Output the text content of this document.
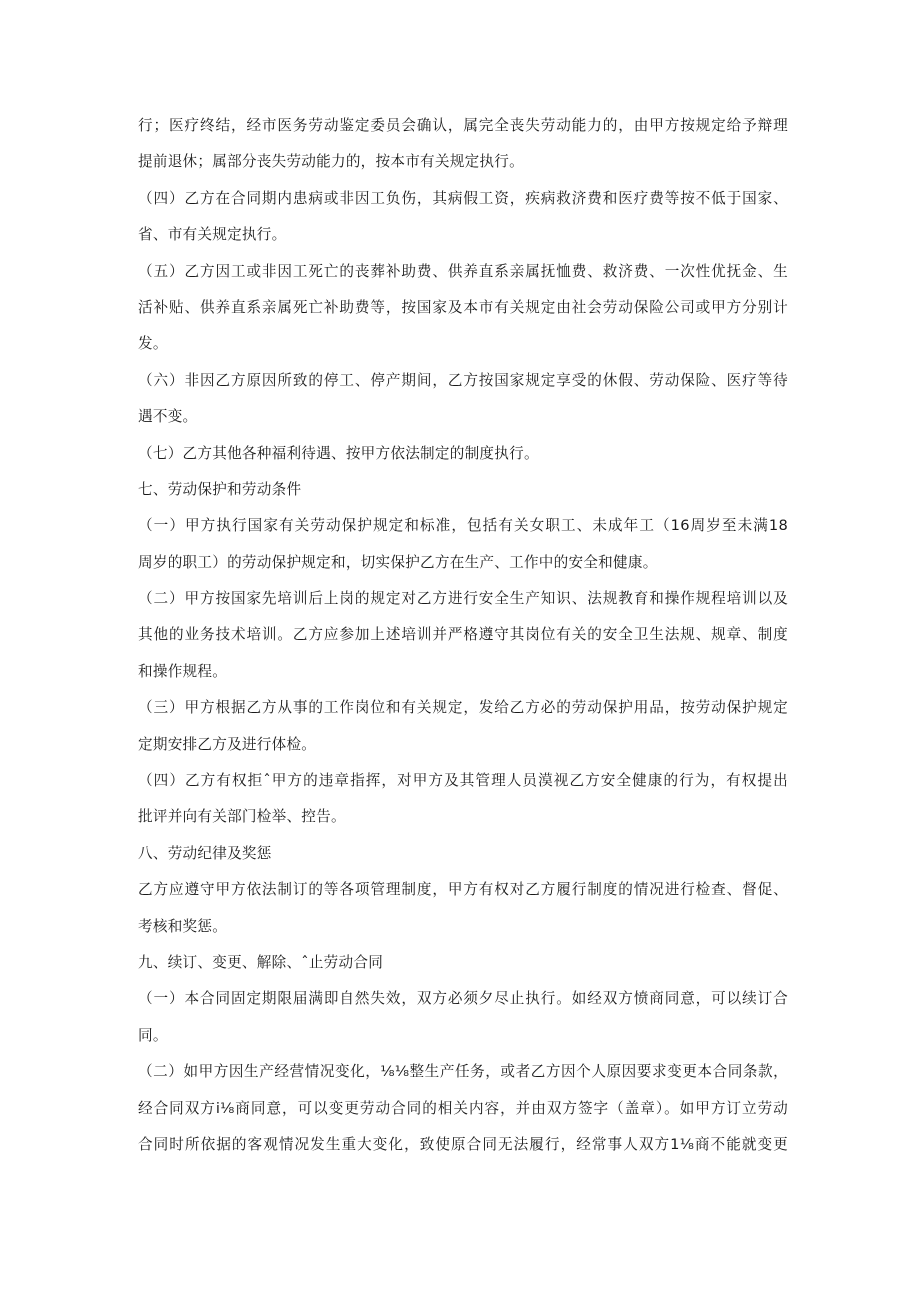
行；医疗终结，经市医务劳动鉴定委员会确认，属完全丧失劳动能力的，由甲方按规定给予辩理
提前退休；属部分丧失劳动能力的，按本市有关规定执行。
（四）乙方在合同期内患病或非因工负伤，其病假工资，疾病救济费和医疗费等按不低于国家、
省、市有关规定执行。
（五）乙方因工或非因工死亡的丧葬补助费、供养直系亲属抚恤费、救济费、一次性优抚金、生
活补贴、供养直系亲属死亡补助费等，按国家及本市有关规定由社会劳动保险公司或甲方分别计
发。
（六）非因乙方原因所致的停工、停产期间，乙方按国家规定享受的休假、劳动保险、医疗等待
遇不变。
（七）乙方其他各种福利待遇、按甲方依法制定的制度执行。
七、劳动保护和劳动条件
（一）甲方执行国家有关劳动保护规定和标准，包括有关女职工、未成年工（16周岁至未满18
周岁的职工）的劳动保护规定和，切实保护乙方在生产、工作中的安全和健康。
（二）甲方按国家先培训后上岗的规定对乙方进行安全生产知识、法规教育和操作规程培训以及
其他的业务技术培训。乙方应参加上述培训并严格遵守其岗位有关的安全卫生法规、规章、制度
和操作规程。
（三）甲方根据乙方从事的工作岗位和有关规定，发给乙方必的劳动保护用品，按劳动保护规定
定期安排乙方及进行体检。
（四）乙方有权拒ˆ甲方的违章指挥，对甲方及其管理人员漠视乙方安全健康的行为，有权提出
批评并向有关部门检举、控告。
八、劳动纪律及奖惩
乙方应遵守甲方依法制订的等各项管理制度，甲方有权对乙方履行制度的情况进行检查、督促、
考核和奖惩。
九、续订、变更、解除、ˆ止劳动合同
（一）本合同固定期限届满即自然失效，双方必须夕尽止执行。如经双方愤商同意，可以续订合
同。
（二）如甲方因生产经营情况变化，⅛⅛整生产任务，或者乙方因个人原因要求变更本合同条款，
经合同双方i⅛商同意，可以变更劳动合同的相关内容，并由双方签字（盖章）。如甲方订立劳动
合同时所依据的客观情况发生重大变化，致使原合同无法履行，经常事人双方1⅛商不能就变更
